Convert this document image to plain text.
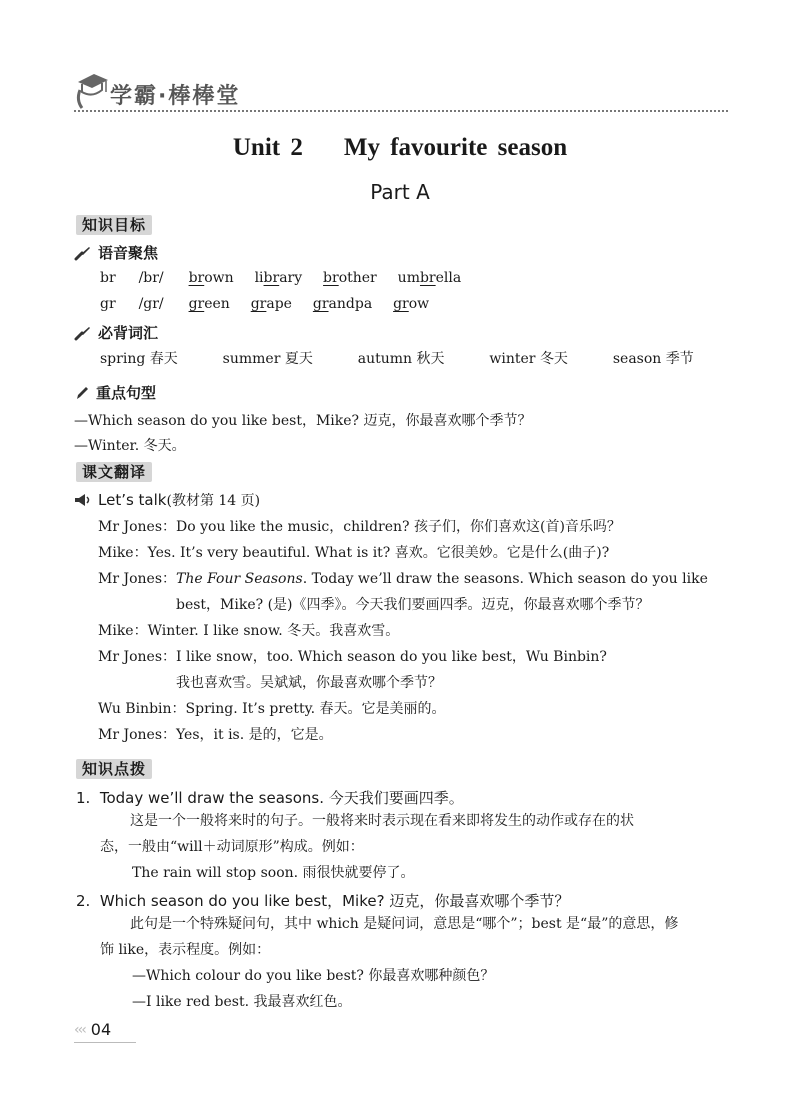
学霸·棒棒堂
Unit 2    My favourite season
Part A
知识目标
语音聚焦
br /br/ brown library brother umbrella
gr /gr/ green grape grandpa grow
必背词汇
spring 春天	summer 夏天	autumn 秋天	winter 冬天	season 季节
重点句型
—Which season do you like best，Mike? 迈克，你最喜欢哪个季节？
—Winter. 冬天。
课文翻译
Let’s talk (教材第 14 页)
Mr Jones：Do you like the music，children? 孩子们，你们喜欢这(首)音乐吗？
Mike：Yes. It’s very beautiful. What is it? 喜欢。它很美妙。它是什么(曲子)?
Mr Jones：The Four Seasons. Today we’ll draw the seasons. Which season do you like
best，Mike? (是)《四季》。今天我们要画四季。迈克，你最喜欢哪个季节？
Mike：Winter. I like snow. 冬天。我喜欢雪。
Mr Jones：I like snow，too. Which season do you like best，Wu Binbin?
我也喜欢雪。吴斌斌，你最喜欢哪个季节？
Wu Binbin：Spring. It’s pretty. 春天。它是美丽的。
Mr Jones：Yes，it is. 是的，它是。
知识点拨
1.  Today we’ll draw the seasons. 今天我们要画四季。
这是一个一般将来时的句子。一般将来时表示现在看来即将发生的动作或存在的状
态，一般由“will＋动词原形”构成。例如：
The rain will stop soon. 雨很快就要停了。
2.  Which season do you like best，Mike? 迈克，你最喜欢哪个季节？
此句是一个特殊疑问句，其中 which 是疑问词，意思是“哪个”；best 是“最”的意思，修
饰 like，表示程度。例如：
—Which colour do you like best? 你最喜欢哪种颜色？
—I like red best. 我最喜欢红色。
‹‹‹ 04
